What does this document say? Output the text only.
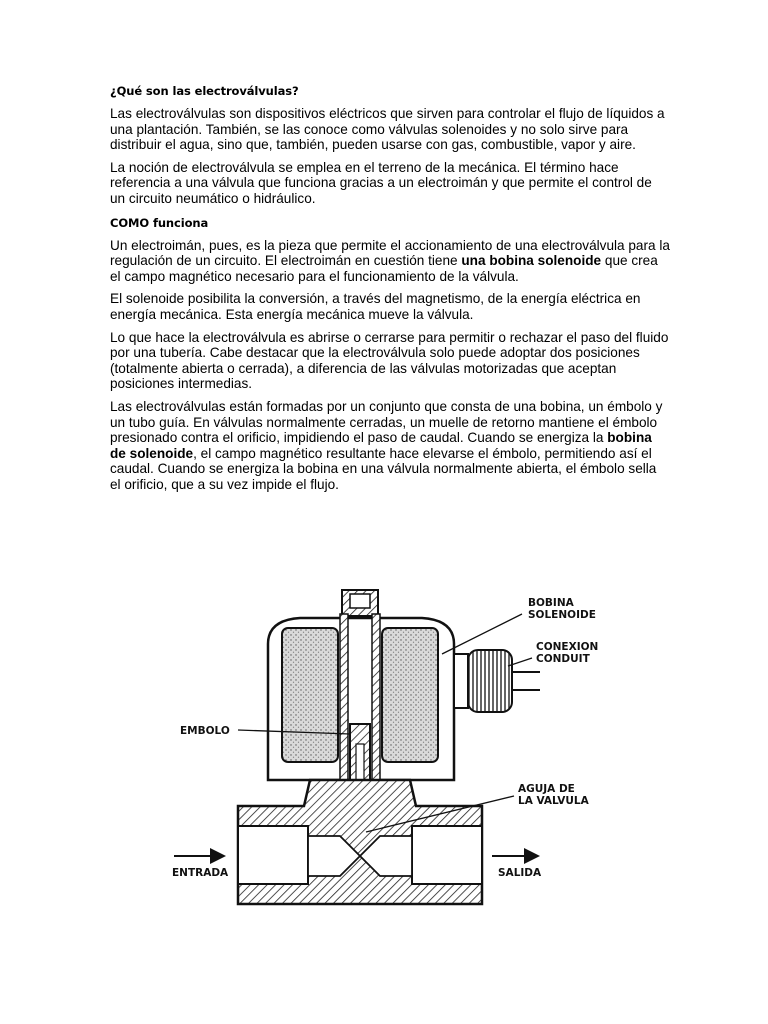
¿Qué son las electroválvulas?

Las electroválvulas son dispositivos eléctricos que sirven para controlar el flujo de líquidos a una plantación. También, se las conoce como válvulas solenoides y no solo sirve para distribuir el agua, sino que, también, pueden usarse con gas, combustible, vapor y aire.

La noción de electroválvula se emplea en el terreno de la mecánica. El término hace referencia a una válvula que funciona gracias a un electroimán y que permite el control de un circuito neumático o hidráulico.

COMO funciona

Un electroimán, pues, es la pieza que permite el accionamiento de una electroválvula para la regulación de un circuito. El electroimán en cuestión tiene una bobina solenoide que crea el campo magnético necesario para el funcionamiento de la válvula.

El solenoide posibilita la conversión, a través del magnetismo, de la energía eléctrica en energía mecánica. Esta energía mecánica mueve la válvula.

Lo que hace la electroválvula es abrirse o cerrarse para permitir o rechazar el paso del fluido por una tubería. Cabe destacar que la electroválvula solo puede adoptar dos posiciones (totalmente abierta o cerrada), a diferencia de las válvulas motorizadas que aceptan posiciones intermedias.

Las electroválvulas están formadas por un conjunto que consta de una bobina, un émbolo y un tubo guía. En válvulas normalmente cerradas, un muelle de retorno mantiene el émbolo presionado contra el orificio, impidiendo el paso de caudal. Cuando se energiza la bobina de solenoide, el campo magnético resultante hace elevarse el émbolo, permitiendo así el caudal. Cuando se energiza la bobina en una válvula normalmente abierta, el émbolo sella el orificio, que a su vez impide el flujo.

BOBINA
SOLENOIDE
CONEXION
CONDUIT
EMBOLO
AGUJA DE
LA VALVULA
ENTRADA	SALIDA
